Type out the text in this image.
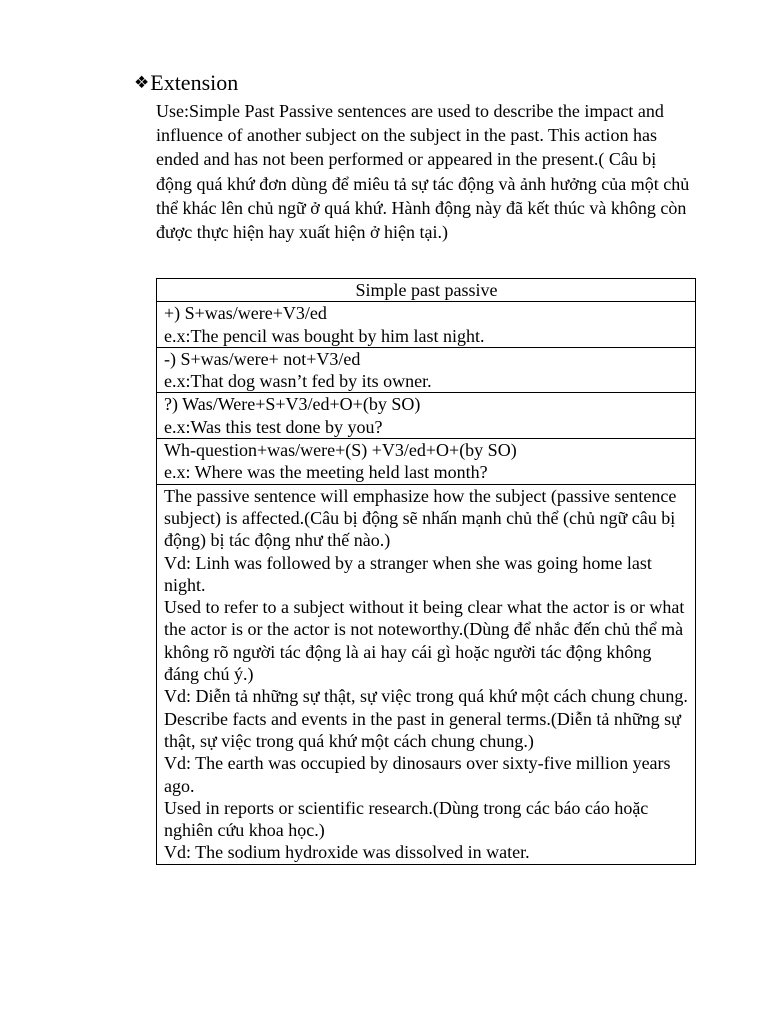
❖Extension

Use:Simple Past Passive sentences are used to describe the impact and influence of another subject on the subject in the past. This action has ended and has not been performed or appeared in the present.( Câu bị động quá khứ đơn dùng để miêu tả sự tác động và ảnh hưởng của một chủ thể khác lên chủ ngữ ở quá khứ. Hành động này đã kết thúc và không còn được thực hiện hay xuất hiện ở hiện tại.)

Simple past passive

+) S+was/were+V3/ed
e.x:The pencil was bought by him last night.

-) S+was/were+ not+V3/ed
e.x:That dog wasn’t fed by its owner.

?) Was/Were+S+V3/ed+O+(by SO)
e.x:Was this test done by you?

Wh-question+was/were+(S) +V3/ed+O+(by SO)
e.x: Where was the meeting held last month?

The passive sentence will emphasize how the subject (passive sentence subject) is affected.(Câu bị động sẽ nhấn mạnh chủ thể (chủ ngữ câu bị động) bị tác động như thế nào.)
Vd: Linh was followed by a stranger when she was going home last night.
Used to refer to a subject without it being clear what the actor is or what the actor is or the actor is not noteworthy.(Dùng để nhắc đến chủ thể mà không rõ người tác động là ai hay cái gì hoặc người tác động không đáng chú ý.)
Vd: Diễn tả những sự thật, sự việc trong quá khứ một cách chung chung.
Describe facts and events in the past in general terms.(Diễn tả những sự thật, sự việc trong quá khứ một cách chung chung.)
Vd: The earth was occupied by dinosaurs over sixty-five million years ago.
Used in reports or scientific research.(Dùng trong các báo cáo hoặc nghiên cứu khoa học.)
Vd: The sodium hydroxide was dissolved in water.
